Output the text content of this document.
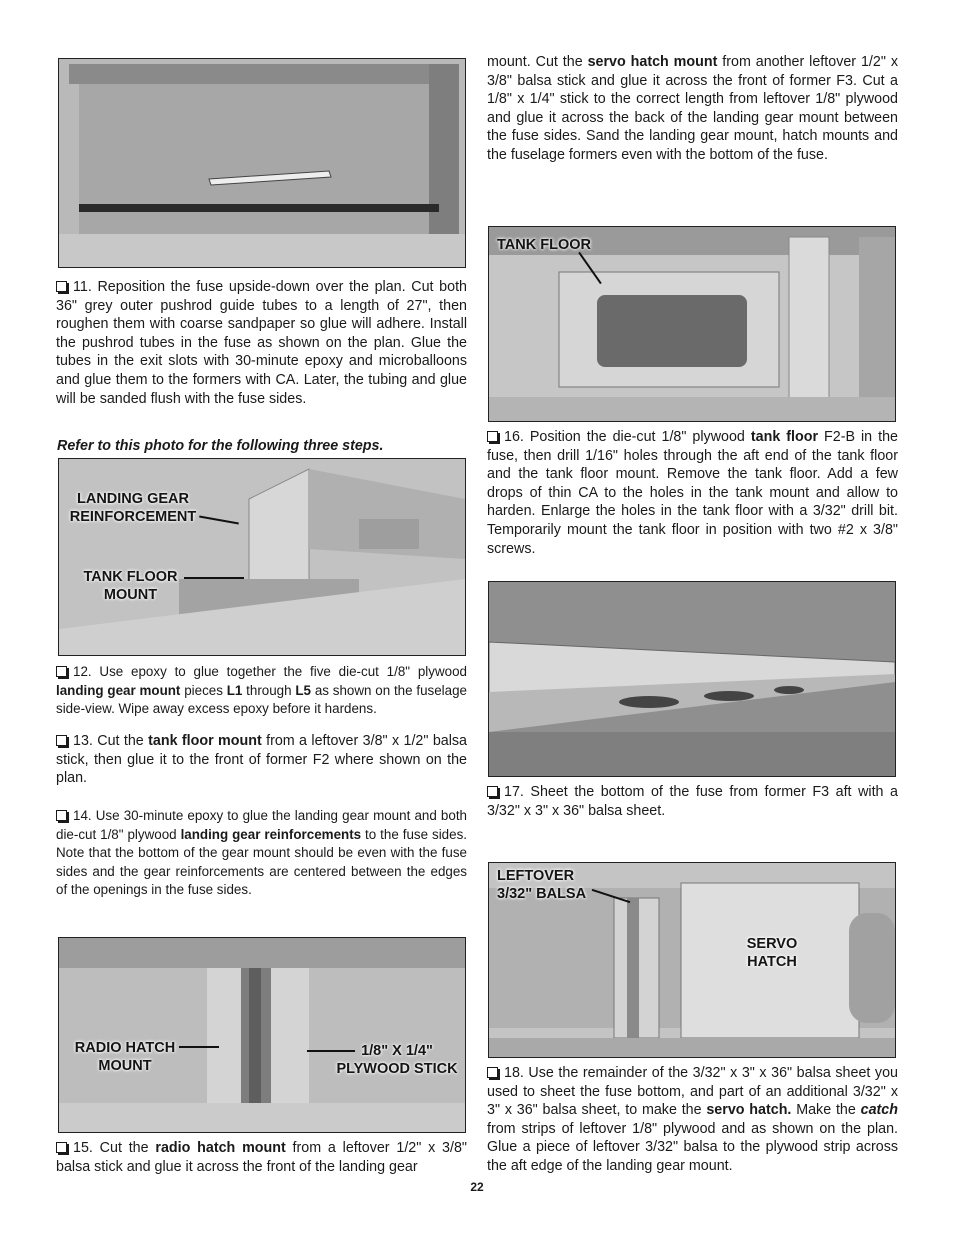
11. Reposition the fuse upside-down over the plan. Cut both 36" grey outer pushrod guide tubes to a length of 27", then roughen them with coarse sandpaper so glue will adhere. Install the pushrod tubes in the fuse as shown on the plan. Glue the tubes in the exit slots with 30-minute epoxy and microballoons and glue them to the formers with CA. Later, the tubing and glue will be sanded flush with the fuse sides.

Refer to this photo for the following three steps.

LANDING GEAR
REINFORCEMENT
TANK FLOOR
MOUNT

12. Use epoxy to glue together the five die-cut 1/8" plywood landing gear mount pieces L1 through L5 as shown on the fuselage side-view. Wipe away excess epoxy before it hardens.

13. Cut the tank floor mount from a leftover 3/8" x 1/2" balsa stick, then glue it to the front of former F2 where shown on the plan.

14. Use 30-minute epoxy to glue the landing gear mount and both die-cut 1/8" plywood landing gear reinforcements to the fuse sides. Note that the bottom of the gear mount should be even with the fuse sides and the gear reinforcements are centered between the edges of the openings in the fuse sides.

RADIO HATCH
MOUNT
1/8" X 1/4"
PLYWOOD STICK

15. Cut the radio hatch mount from a leftover 1/2" x 3/8" balsa stick and glue it across the front of the landing gear

mount. Cut the servo hatch mount from another leftover 1/2" x 3/8" balsa stick and glue it across the front of former F3. Cut a 1/8" x 1/4" stick to the correct length from leftover 1/8" plywood and glue it across the back of the landing gear mount between the fuse sides. Sand the landing gear mount, hatch mounts and the fuselage formers even with the bottom of the fuse.

TANK FLOOR

16. Position the die-cut 1/8" plywood tank floor F2-B in the fuse, then drill 1/16" holes through the aft end of the tank floor and the tank floor mount. Remove the tank floor. Add a few drops of thin CA to the holes in the tank mount and allow to harden. Enlarge the holes in the tank floor with a 3/32" drill bit. Temporarily mount the tank floor in position with two #2 x 3/8" screws.

17. Sheet the bottom of the fuse from former F3 aft with a 3/32" x 3" x 36" balsa sheet.

LEFTOVER
3/32" BALSA
SERVO
HATCH

18. Use the remainder of the 3/32" x 3" x 36" balsa sheet you used to sheet the fuse bottom, and part of an additional 3/32" x 3" x 36" balsa sheet, to make the servo hatch. Make the catch from strips of leftover 1/8" plywood and as shown on the plan. Glue a piece of leftover 3/32" balsa to the plywood strip across the aft edge of the landing gear mount.

22
